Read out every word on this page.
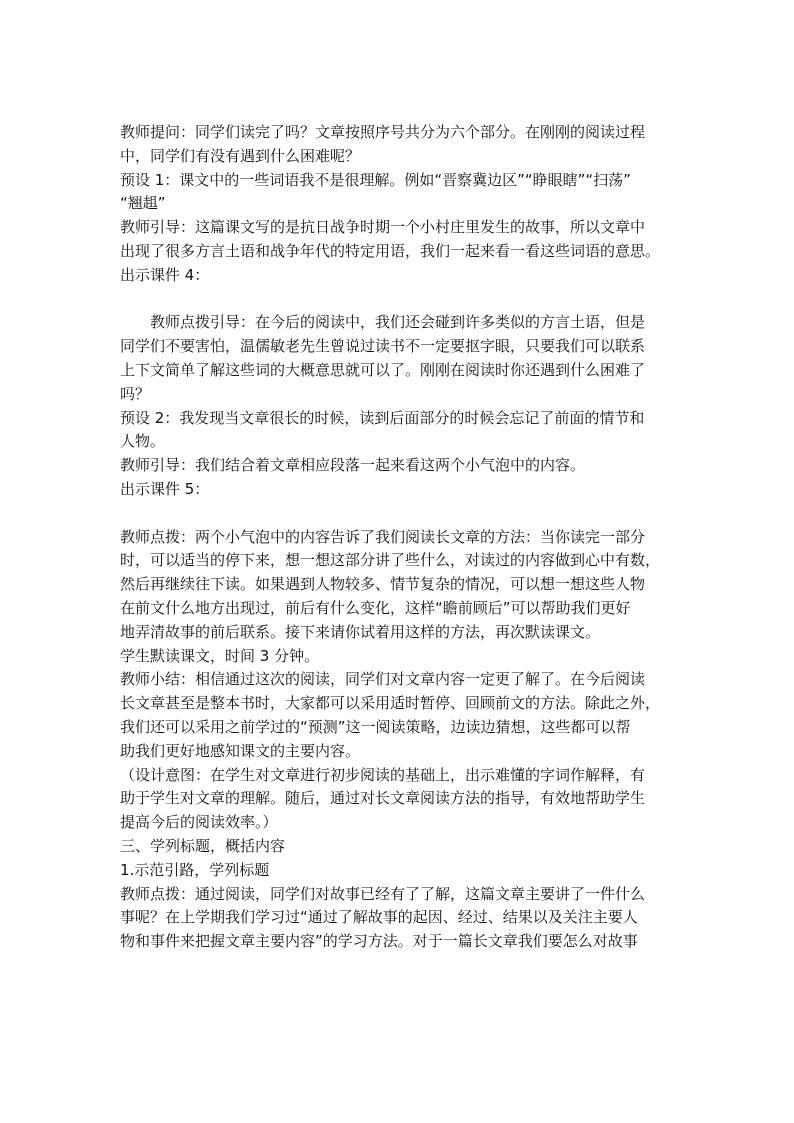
教师提问：同学们读完了吗？文章按照序号共分为六个部分。在刚刚的阅读过程
中，同学们有没有遇到什么困难呢？
预设 1：课文中的一些词语我不是很理解。例如“晋察冀边区”“睁眼瞎”“扫荡”
“翘趄”
教师引导：这篇课文写的是抗日战争时期一个小村庄里发生的故事，所以文章中
出现了很多方言土语和战争年代的特定用语，我们一起来看一看这些词语的意思。
出示课件 4：
　　教师点拨引导：在今后的阅读中，我们还会碰到许多类似的方言土语，但是
同学们不要害怕，温儒敏老先生曾说过读书不一定要抠字眼，只要我们可以联系
上下文简单了解这些词的大概意思就可以了。刚刚在阅读时你还遇到什么困难了
吗？
预设 2：我发现当文章很长的时候，读到后面部分的时候会忘记了前面的情节和
人物。
教师引导：我们结合着文章相应段落一起来看这两个小气泡中的内容。
出示课件 5：
教师点拨：两个小气泡中的内容告诉了我们阅读长文章的方法：当你读完一部分
时，可以适当的停下来，想一想这部分讲了些什么，对读过的内容做到心中有数，
然后再继续往下读。如果遇到人物较多、情节复杂的情况，可以想一想这些人物
在前文什么地方出现过，前后有什么变化，这样“瞻前顾后”可以帮助我们更好
地弄清故事的前后联系。接下来请你试着用这样的方法，再次默读课文。
学生默读课文，时间 3 分钟。
教师小结：相信通过这次的阅读，同学们对文章内容一定更了解了。在今后阅读
长文章甚至是整本书时，大家都可以采用适时暂停、回顾前文的方法。除此之外，
我们还可以采用之前学过的“预测”这一阅读策略，边读边猜想，这些都可以帮
助我们更好地感知课文的主要内容。
（设计意图：在学生对文章进行初步阅读的基础上，出示难懂的字词作解释，有
助于学生对文章的理解。随后，通过对长文章阅读方法的指导，有效地帮助学生
提高今后的阅读效率。）
三、学列标题，概括内容
1.示范引路，学列标题
教师点拨：通过阅读，同学们对故事已经有了了解，这篇文章主要讲了一件什么
事呢？在上学期我们学习过“通过了解故事的起因、经过、结果以及关注主要人
物和事件来把握文章主要内容”的学习方法。对于一篇长文章我们要怎么对故事
